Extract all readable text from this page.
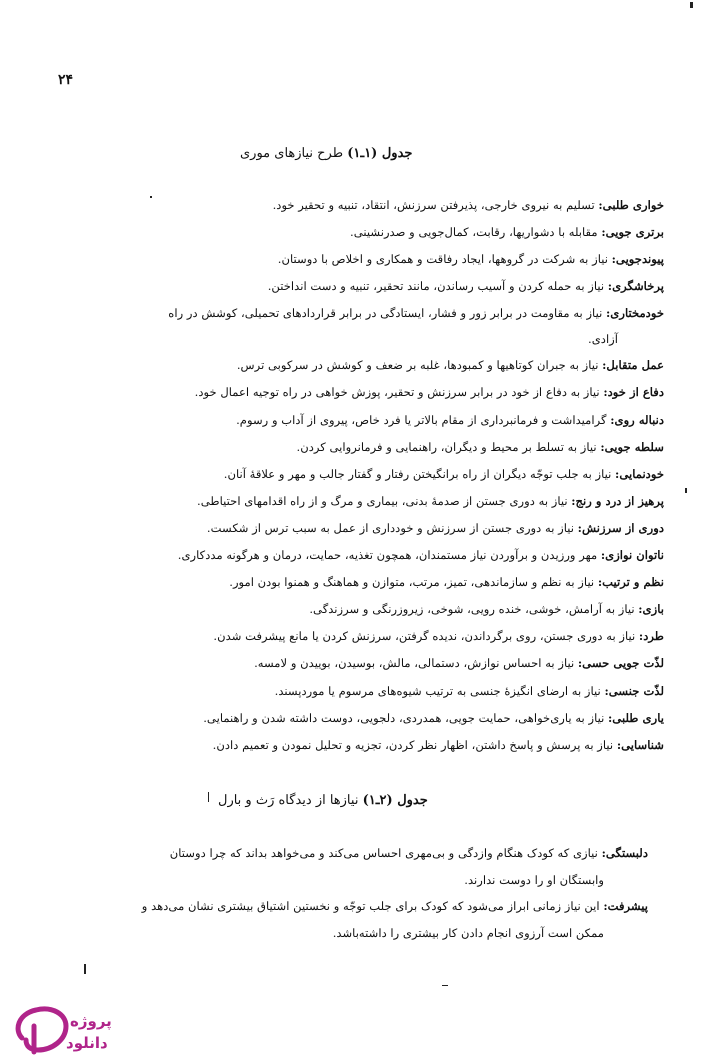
۲۴
جدول (۱ـ۱) طرح نیازهای موری
خواری طلبی: تسلیم به نیروی خارجی، پذیرفتن سرزنش، انتقاد، تنبیه و تحقیر خود.
برتری جویی: مقابله با دشواریها، رقابت، کمال‌جویی و صدرنشینی.
پیوندجویی: نیاز به شرکت در گروهها، ایجاد رفاقت و همکاری و اخلاص با دوستان.
پرخاشگری: نیاز به حمله کردن و آسیب رساندن، مانند تحقیر، تنبیه و دست انداختن.
خودمختاری: نیاز به مقاومت در برابر زور و فشار، ایستادگی در برابر قراردادهای تحمیلی، کوشش در راه
آزادی.
عمل متقابل: نیاز به جبران کوتاهیها و کمبودها، غلبه بر ضعف و کوشش در سرکوبی ترس.
دفاع از خود: نیاز به دفاع از خود در برابر سرزنش و تحقیر، پوزش خواهی در راه توجیه اعمال خود.
دنباله روی: گرامیداشت و فرمانبرداری از مقام بالاتر یا فرد خاص، پیروی از آداب و رسوم.
سلطه جویی: نیاز به تسلط بر محیط و دیگران، راهنمایی و فرمانروایی کردن.
خودنمایی: نیاز به جلب توجّه دیگران از راه برانگیختن رفتار و گفتار جالب و مهر و علاقهٔ آنان.
پرهیز از درد و رنج: نیاز به دوری جستن از صدمهٔ بدنی، بیماری و مرگ و از راه اقدامهای احتیاطی.
دوری از سرزنش: نیاز به دوری جستن از سرزنش و خودداری از عمل به سبب ترس از شکست.
ناتوان نوازی: مهر ورزیدن و برآوردن نیاز مستمندان، همچون تغذیه، حمایت، درمان و هرگونه مددکاری.
نظم و ترتیب: نیاز به نظم و سازماندهی، تمیز، مرتب، متوازن و هماهنگ و همنوا بودن امور.
بازی: نیاز به آرامش، خوشی، خنده رویی، شوخی، زیروزرنگی و سرزندگی.
طرد: نیاز به دوری جستن، روی برگرداندن، ندیده گرفتن، سرزنش کردن یا مانع پیشرفت شدن.
لذّت جویی حسی: نیاز به احساس نوازش، دستمالی، مالش، بوسیدن، بوییدن و لامسه.
لذّت جنسی: نیاز به ارضای انگیزهٔ جنسی به ترتیب شیوه‌های مرسوم یا موردپسند.
یاری طلبی: نیاز به یاری‌خواهی، حمایت جویی، همدردی، دلجویی، دوست داشته شدن و راهنمایی.
شناسایی: نیاز به پرسش و پاسخ داشتن، اظهار نظر کردن، تجزیه و تحلیل نمودن و تعمیم دادن.
جدول (۲ـ۱) نیازها از دیدگاه رَث و بارل
دلبستگی: نیازی که کودک هنگام وازدگی و بی‌مهری احساس می‌کند و می‌خواهد بداند که چرا دوستان
وابستگان او را دوست ندارند.
پیشرفت: این نیاز زمانی ابراز می‌شود که کودک برای جلب توجّه و نخستین اشتیاق بیشتری نشان می‌دهد و
ممکن است آرزوی انجام دادن کار بیشتری را داشته‌باشد.
پروژه
دانلود
